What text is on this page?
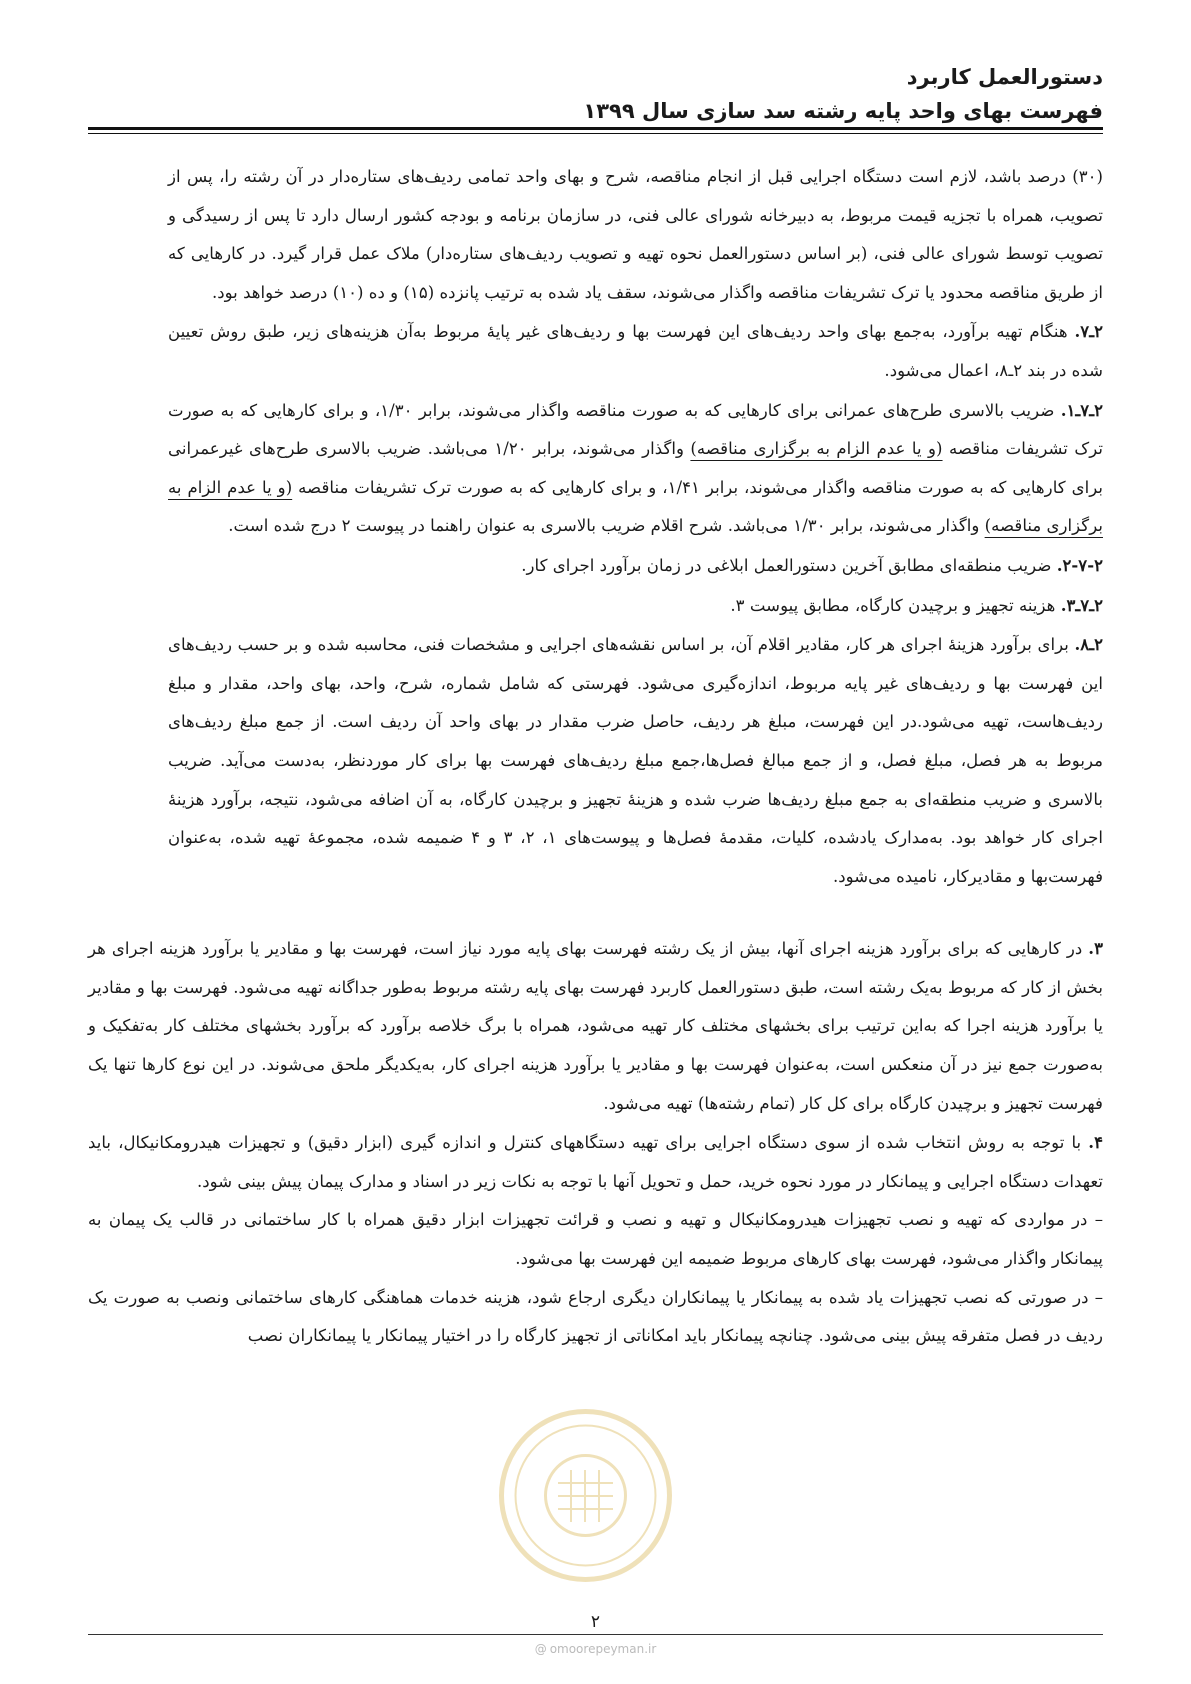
دستورالعمل کاربرد
فهرست بهای واحد پایه رشته سد سازی سال ۱۳۹۹

(۳۰) درصد باشد، لازم است دستگاه اجرایی قبل از انجام مناقصه، شرح و بهای واحد تمامی ردیف‌های ستاره‌دار در آن رشته را، پس از تصویب، همراه با تجزیه قیمت مربوط، به دبیرخانه شورای عالی فنی، در سازمان برنامه و بودجه کشور ارسال دارد تا پس از رسیدگی و تصویب توسط شورای عالی فنی، (بر اساس دستورالعمل نحوه تهیه و تصویب ردیف‌های ستاره‌دار) ملاک عمل قرار گیرد. در کارهایی که از طریق مناقصه محدود یا ترک تشریفات مناقصه واگذار می‌شوند، سقف یاد شده به ترتیب پانزده (۱۵) و ده (۱۰) درصد خواهد بود.

۲ـ۷. هنگام تهیه برآورد، به‌جمع بهای واحد ردیف‌های این فهرست بها و ردیف‌های غیر پایهٔ مربوط به‌آن هزینه‌های زیر، طبق روش تعیین شده در بند ۲ـ۸، اعمال می‌شود.

۲ـ۷ـ۱. ضریب بالاسری طرح‌های عمرانی برای کارهایی که به صورت مناقصه واگذار می‌شوند، برابر ۱/۳۰، و برای کارهایی که به صورت ترک تشریفات مناقصه (و یا عدم الزام به برگزاری مناقصه) واگذار می‌شوند، برابر ۱/۲۰ می‌باشد. ضریب بالاسری طرح‌های غیرعمرانی برای کارهایی که به صورت مناقصه واگذار می‌شوند، برابر ۱/۴۱، و برای کارهایی که به صورت ترک تشریفات مناقصه (و یا عدم الزام به برگزاری مناقصه) واگذار می‌شوند، برابر ۱/۳۰ می‌باشد. شرح اقلام ضریب بالاسری به عنوان راهنما در پیوست ۲ درج شده است.

۲-۷-۲. ضریب منطقه‌ای مطابق آخرین دستورالعمل ابلاغی در زمان برآورد اجرای کار.

۲ـ۷ـ۳. هزینه تجهیز و برچیدن کارگاه، مطابق پیوست ۳.

۲ـ۸. برای برآورد هزینهٔ اجرای هر کار، مقادیر اقلام آن، بر اساس نقشه‌های اجرایی و مشخصات فنی، محاسبه شده و بر حسب ردیف‌های این فهرست بها و ردیف‌های غیر پایه مربوط، اندازه‌گیری می‌شود. فهرستی که شامل شماره، شرح، واحد، بهای واحد، مقدار و مبلغ ردیف‌هاست، تهیه می‌شود.در این فهرست، مبلغ هر ردیف، حاصل ضرب مقدار در بهای واحد آن ردیف است. از جمع مبلغ ردیف‌های مربوط به هر فصل، مبلغ فصل، و از جمع مبالغ فصل‌ها،جمع مبلغ ردیف‌های فهرست بها برای کار موردنظر، به‌دست می‌آید. ضریب بالاسری و ضریب منطقه‌ای به جمع مبلغ ردیف‌ها ضرب شده و هزینهٔ تجهیز و برچیدن کارگاه، به آن اضافه می‌شود، نتیجه، برآورد هزینهٔ اجرای کار خواهد بود. به‌مدارک یادشده، کلیات، مقدمهٔ فصل‌ها و پیوست‌های ۱، ۲، ۳ و ۴ ضمیمه شده، مجموعهٔ تهیه شده، به‌عنوان فهرست‌بها و مقادیرکار، نامیده می‌شود.

۳. در کارهایی که برای برآورد هزینه اجرای آنها، بیش از یک رشته فهرست بهای پایه مورد نیاز است، فهرست بها و مقادیر یا برآورد هزینه اجرای هر بخش از کار که مربوط به‌یک رشته است، طبق دستورالعمل کاربرد فهرست بهای پایه رشته مربوط به‌طور جداگانه تهیه می‌شود. فهرست بها و مقادیر یا برآورد هزینه اجرا که به‌این ترتیب برای بخشهای مختلف کار تهیه می‌شود، همراه با برگ خلاصه برآورد که برآورد بخشهای مختلف کار به‌تفکیک و به‌صورت جمع نیز در آن منعکس است، به‌عنوان فهرست بها و مقادیر یا برآورد هزینه اجرای کار، به‌یکدیگر ملحق می‌شوند. در این نوع کارها تنها یک فهرست تجهیز و برچیدن کارگاه برای کل کار (تمام رشته‌ها) تهیه می‌شود.

۴. با توجه به روش انتخاب شده از سوی دستگاه اجرایی برای تهیه دستگاههای کنترل و اندازه گیری (ابزار دقیق) و تجهیزات هیدرومکانیکال، باید تعهدات دستگاه اجرایی و پیمانکار در مورد نحوه خرید، حمل و تحویل آنها با توجه به نکات زیر در اسناد و مدارک پیمان پیش بینی شود.

– در مواردی که تهیه و نصب تجهیزات هیدرومکانیکال و تهیه و نصب و قرائت تجهیزات ابزار دقیق همراه با کار ساختمانی در قالب یک پیمان به پیمانکار واگذار می‌شود، فهرست بهای کارهای مربوط ضمیمه این فهرست بها می‌شود.

– در صورتی که نصب تجهیزات یاد شده به پیمانکار یا پیمانکاران دیگری ارجاع شود، هزینه خدمات هماهنگی کارهای ساختمانی ونصب به صورت یک ردیف در فصل متفرقه پیش بینی می‌شود. چنانچه پیمانکار باید امکاناتی از تجهیز کارگاه را در اختیار پیمانکار یا پیمانکاران نصب

۲
@ omoorepeyman.ir
